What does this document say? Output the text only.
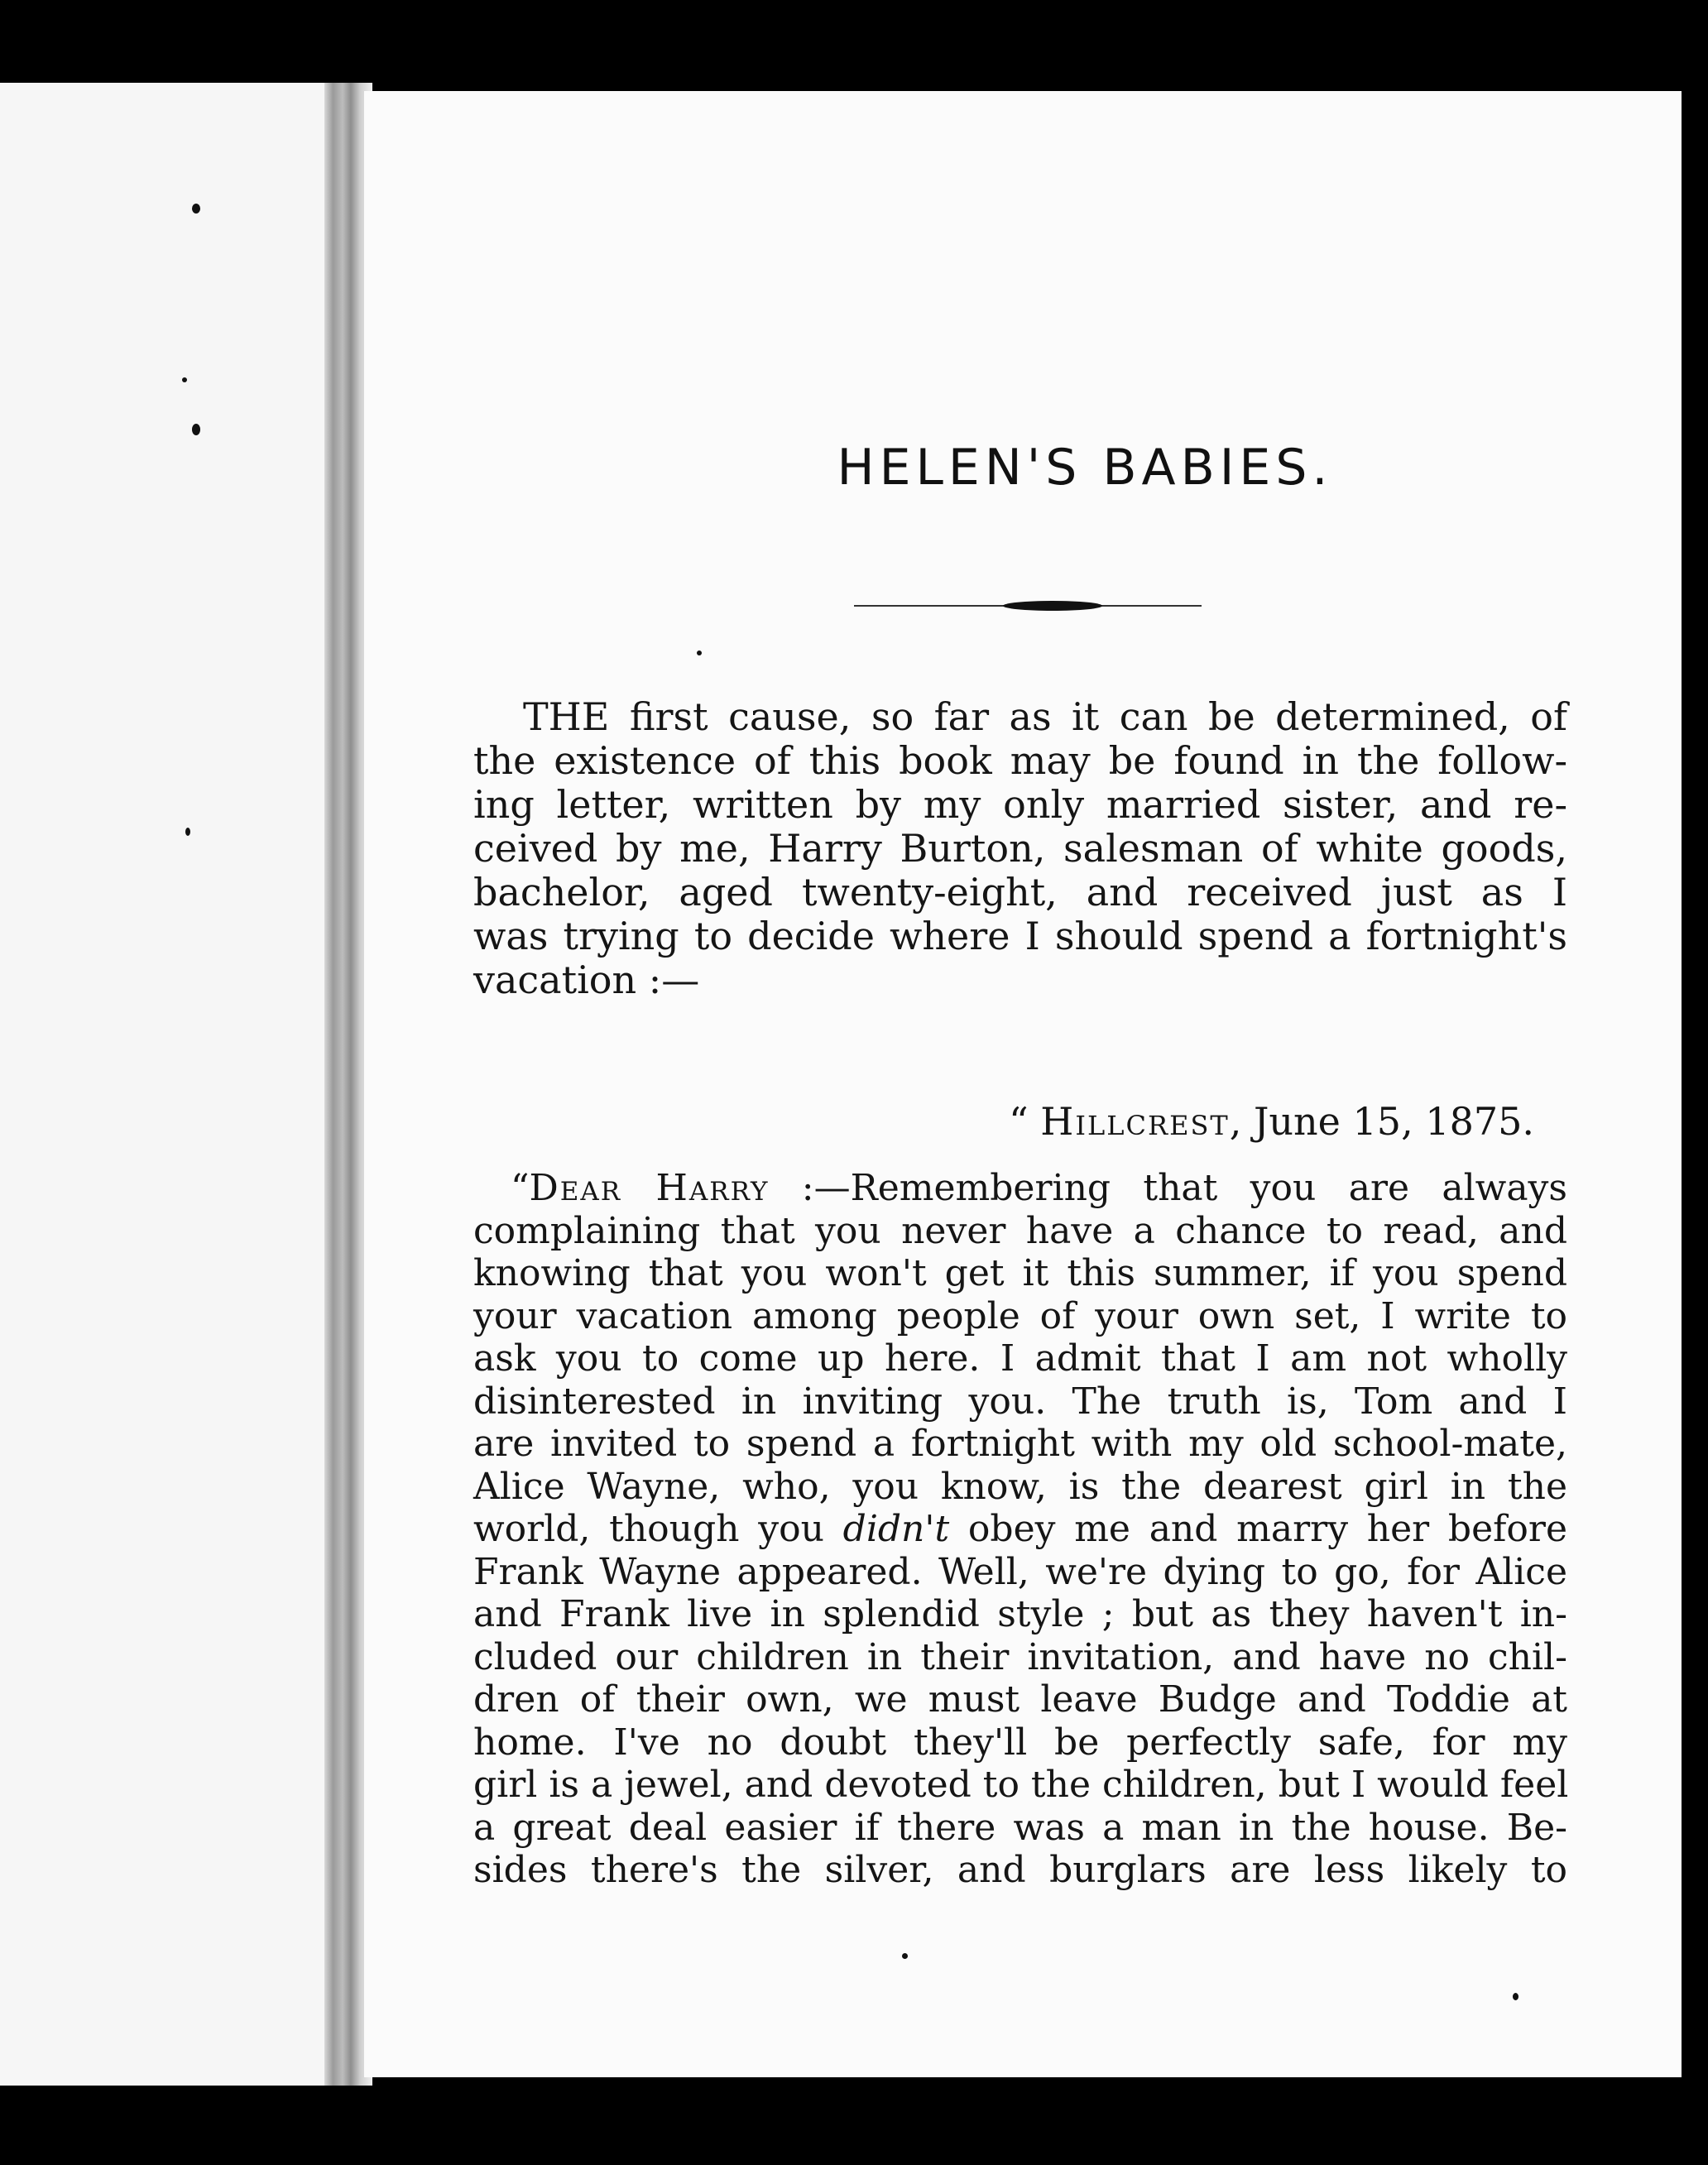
HELEN'S BABIES.
THE first cause, so far as it can be determined, of
the existence of this book may be found in the follow-
ing letter, written by my only married sister, and re-
ceived by me, Harry Burton, salesman of white goods,
bachelor, aged twenty-eight, and received just as I
was trying to decide where I should spend a fortnight's
vacation :—
“ Hillcrest, June 15, 1875.
“Dear Harry :—Remembering that you are always
complaining that you never have a chance to read, and
knowing that you won't get it this summer, if you spend
your vacation among people of your own set, I write to
ask you to come up here. I admit that I am not wholly
disinterested in inviting you. The truth is, Tom and I
are invited to spend a fortnight with my old school-mate,
Alice Wayne, who, you know, is the dearest girl in the
world, though you didn't obey me and marry her before
Frank Wayne appeared. Well, we're dying to go, for Alice
and Frank live in splendid style ; but as they haven't in-
cluded our children in their invitation, and have no chil-
dren of their own, we must leave Budge and Toddie at
home. I've no doubt they'll be perfectly safe, for my
girl is a jewel, and devoted to the children, but I would feel
a great deal easier if there was a man in the house. Be-
sides there's the silver, and burglars are less likely to
